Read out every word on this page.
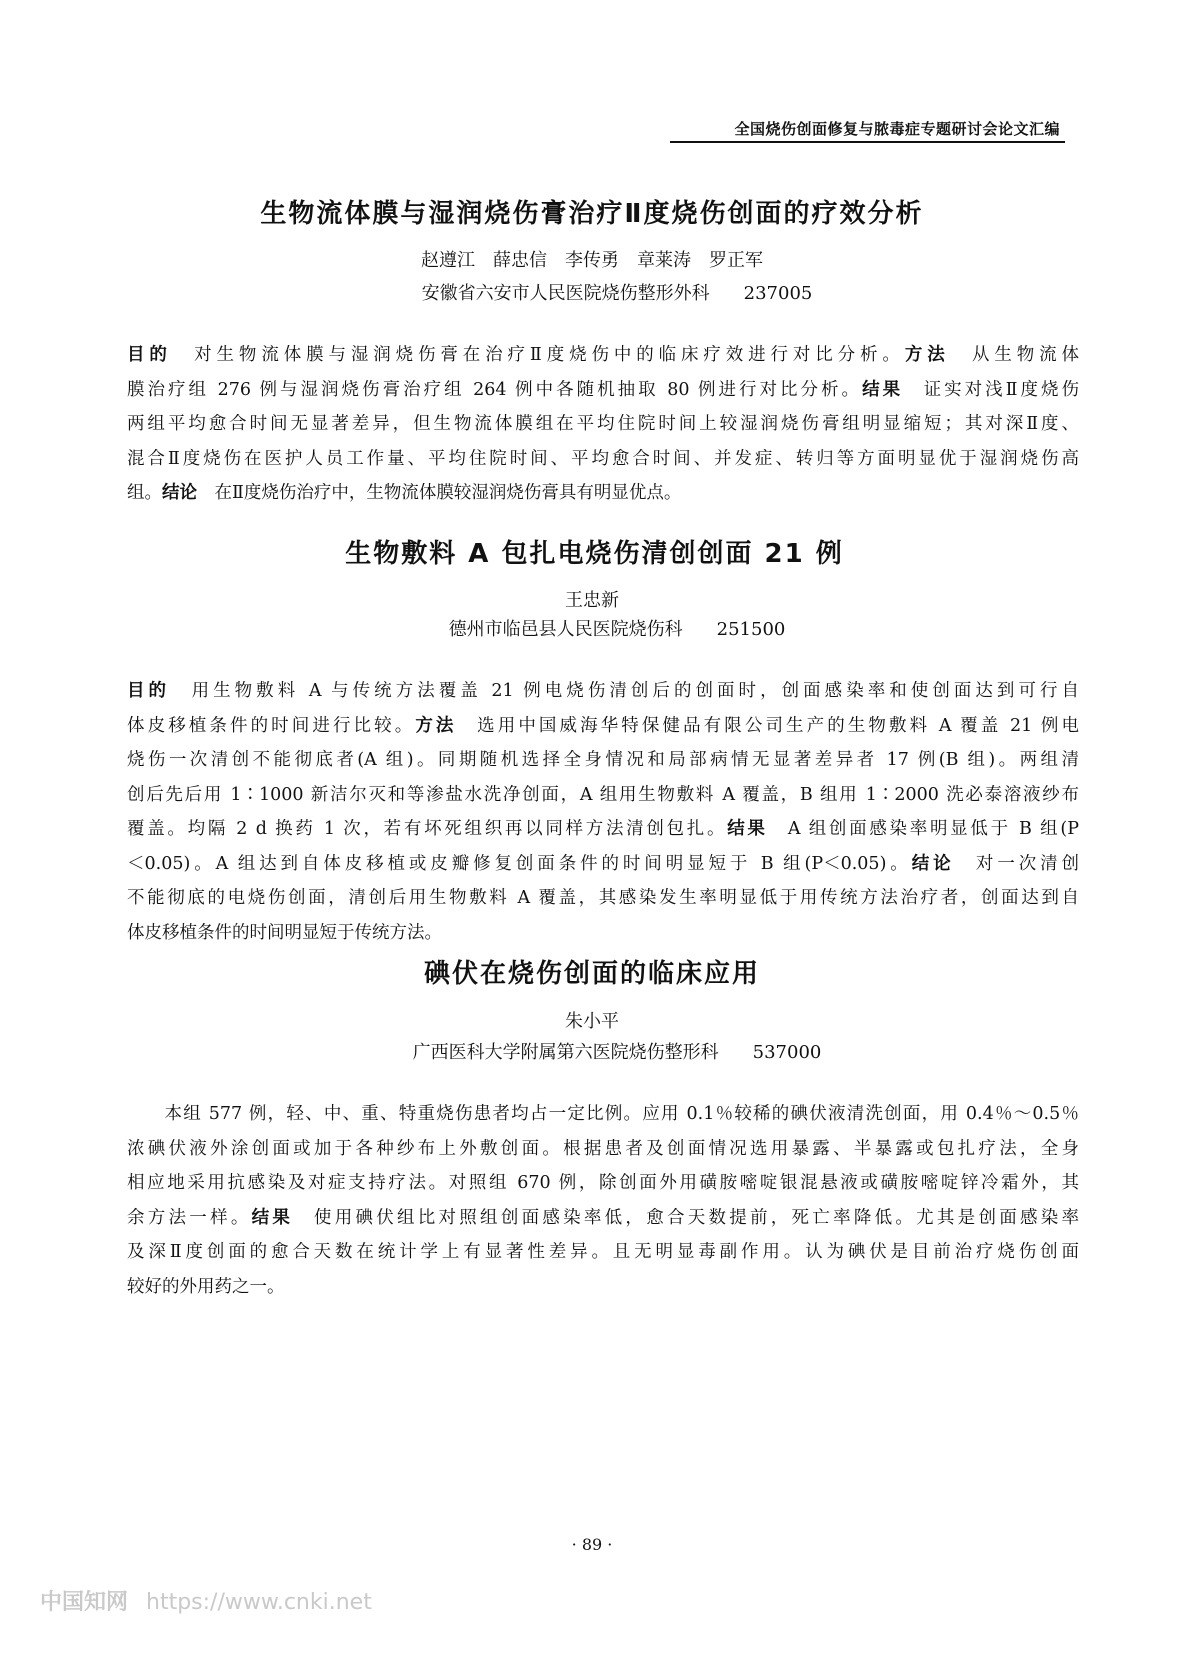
全国烧伤创面修复与脓毒症专题研讨会论文汇编
生物流体膜与湿润烧伤膏治疗Ⅱ度烧伤创面的疗效分析

赵遵江　薛忠信　李传勇　章莱涛　罗正军

安徽省六安市人民医院烧伤整形外科 237005

目的　对生物流体膜与湿润烧伤膏在治疗Ⅱ度烧伤中的临床疗效进行对比分析。方法　从生物流体
膜治疗组 276 例与湿润烧伤膏治疗组 264 例中各随机抽取 80 例进行对比分析。结果　证实对浅Ⅱ度烧伤
两组平均愈合时间无显著差异，但生物流体膜组在平均住院时间上较湿润烧伤膏组明显缩短；其对深Ⅱ度、
混合Ⅱ度烧伤在医护人员工作量、平均住院时间、平均愈合时间、并发症、转归等方面明显优于湿润烧伤高
组。结论　在Ⅱ度烧伤治疗中，生物流体膜较湿润烧伤膏具有明显优点。
生物敷料 A 包扎电烧伤清创创面 21 例

王忠新

德州市临邑县人民医院烧伤科 251500

目的　用生物敷料 A 与传统方法覆盖 21 例电烧伤清创后的创面时，创面感染率和使创面达到可行自
体皮移植条件的时间进行比较。方法　选用中国威海华特保健品有限公司生产的生物敷料 A 覆盖 21 例电
烧伤一次清创不能彻底者(A 组)。同期随机选择全身情况和局部病情无显著差异者 17 例(B 组)。两组清
创后先后用 1∶1000 新洁尔灭和等渗盐水洗净创面，A 组用生物敷料 A 覆盖，B 组用 1∶2000 洗必泰溶液纱布
覆盖。均隔 2 d 换药 1 次，若有坏死组织再以同样方法清创包扎。结果　A 组创面感染率明显低于 B 组(P
＜0.05)。A 组达到自体皮移植或皮瓣修复创面条件的时间明显短于 B 组(P＜0.05)。结论　对一次清创
不能彻底的电烧伤创面，清创后用生物敷料 A 覆盖，其感染发生率明显低于用传统方法治疗者，创面达到自
体皮移植条件的时间明显短于传统方法。
碘伏在烧伤创面的临床应用

朱小平

广西医科大学附属第六医院烧伤整形科 537000

　　本组 577 例，轻、中、重、特重烧伤患者均占一定比例。应用 0.1％较稀的碘伏液清洗创面，用 0.4％～0.5％
浓碘伏液外涂创面或加于各种纱布上外敷创面。根据患者及创面情况选用暴露、半暴露或包扎疗法，全身
相应地采用抗感染及对症支持疗法。对照组 670 例，除创面外用磺胺嘧啶银混悬液或磺胺嘧啶锌冷霜外，其
余方法一样。结果　使用碘伏组比对照组创面感染率低，愈合天数提前，死亡率降低。尤其是创面感染率
及深Ⅱ度创面的愈合天数在统计学上有显著性差异。且无明显毒副作用。认为碘伏是目前治疗烧伤创面
较好的外用药之一。
· 89 ·
中国知网 https://www.cnki.net
